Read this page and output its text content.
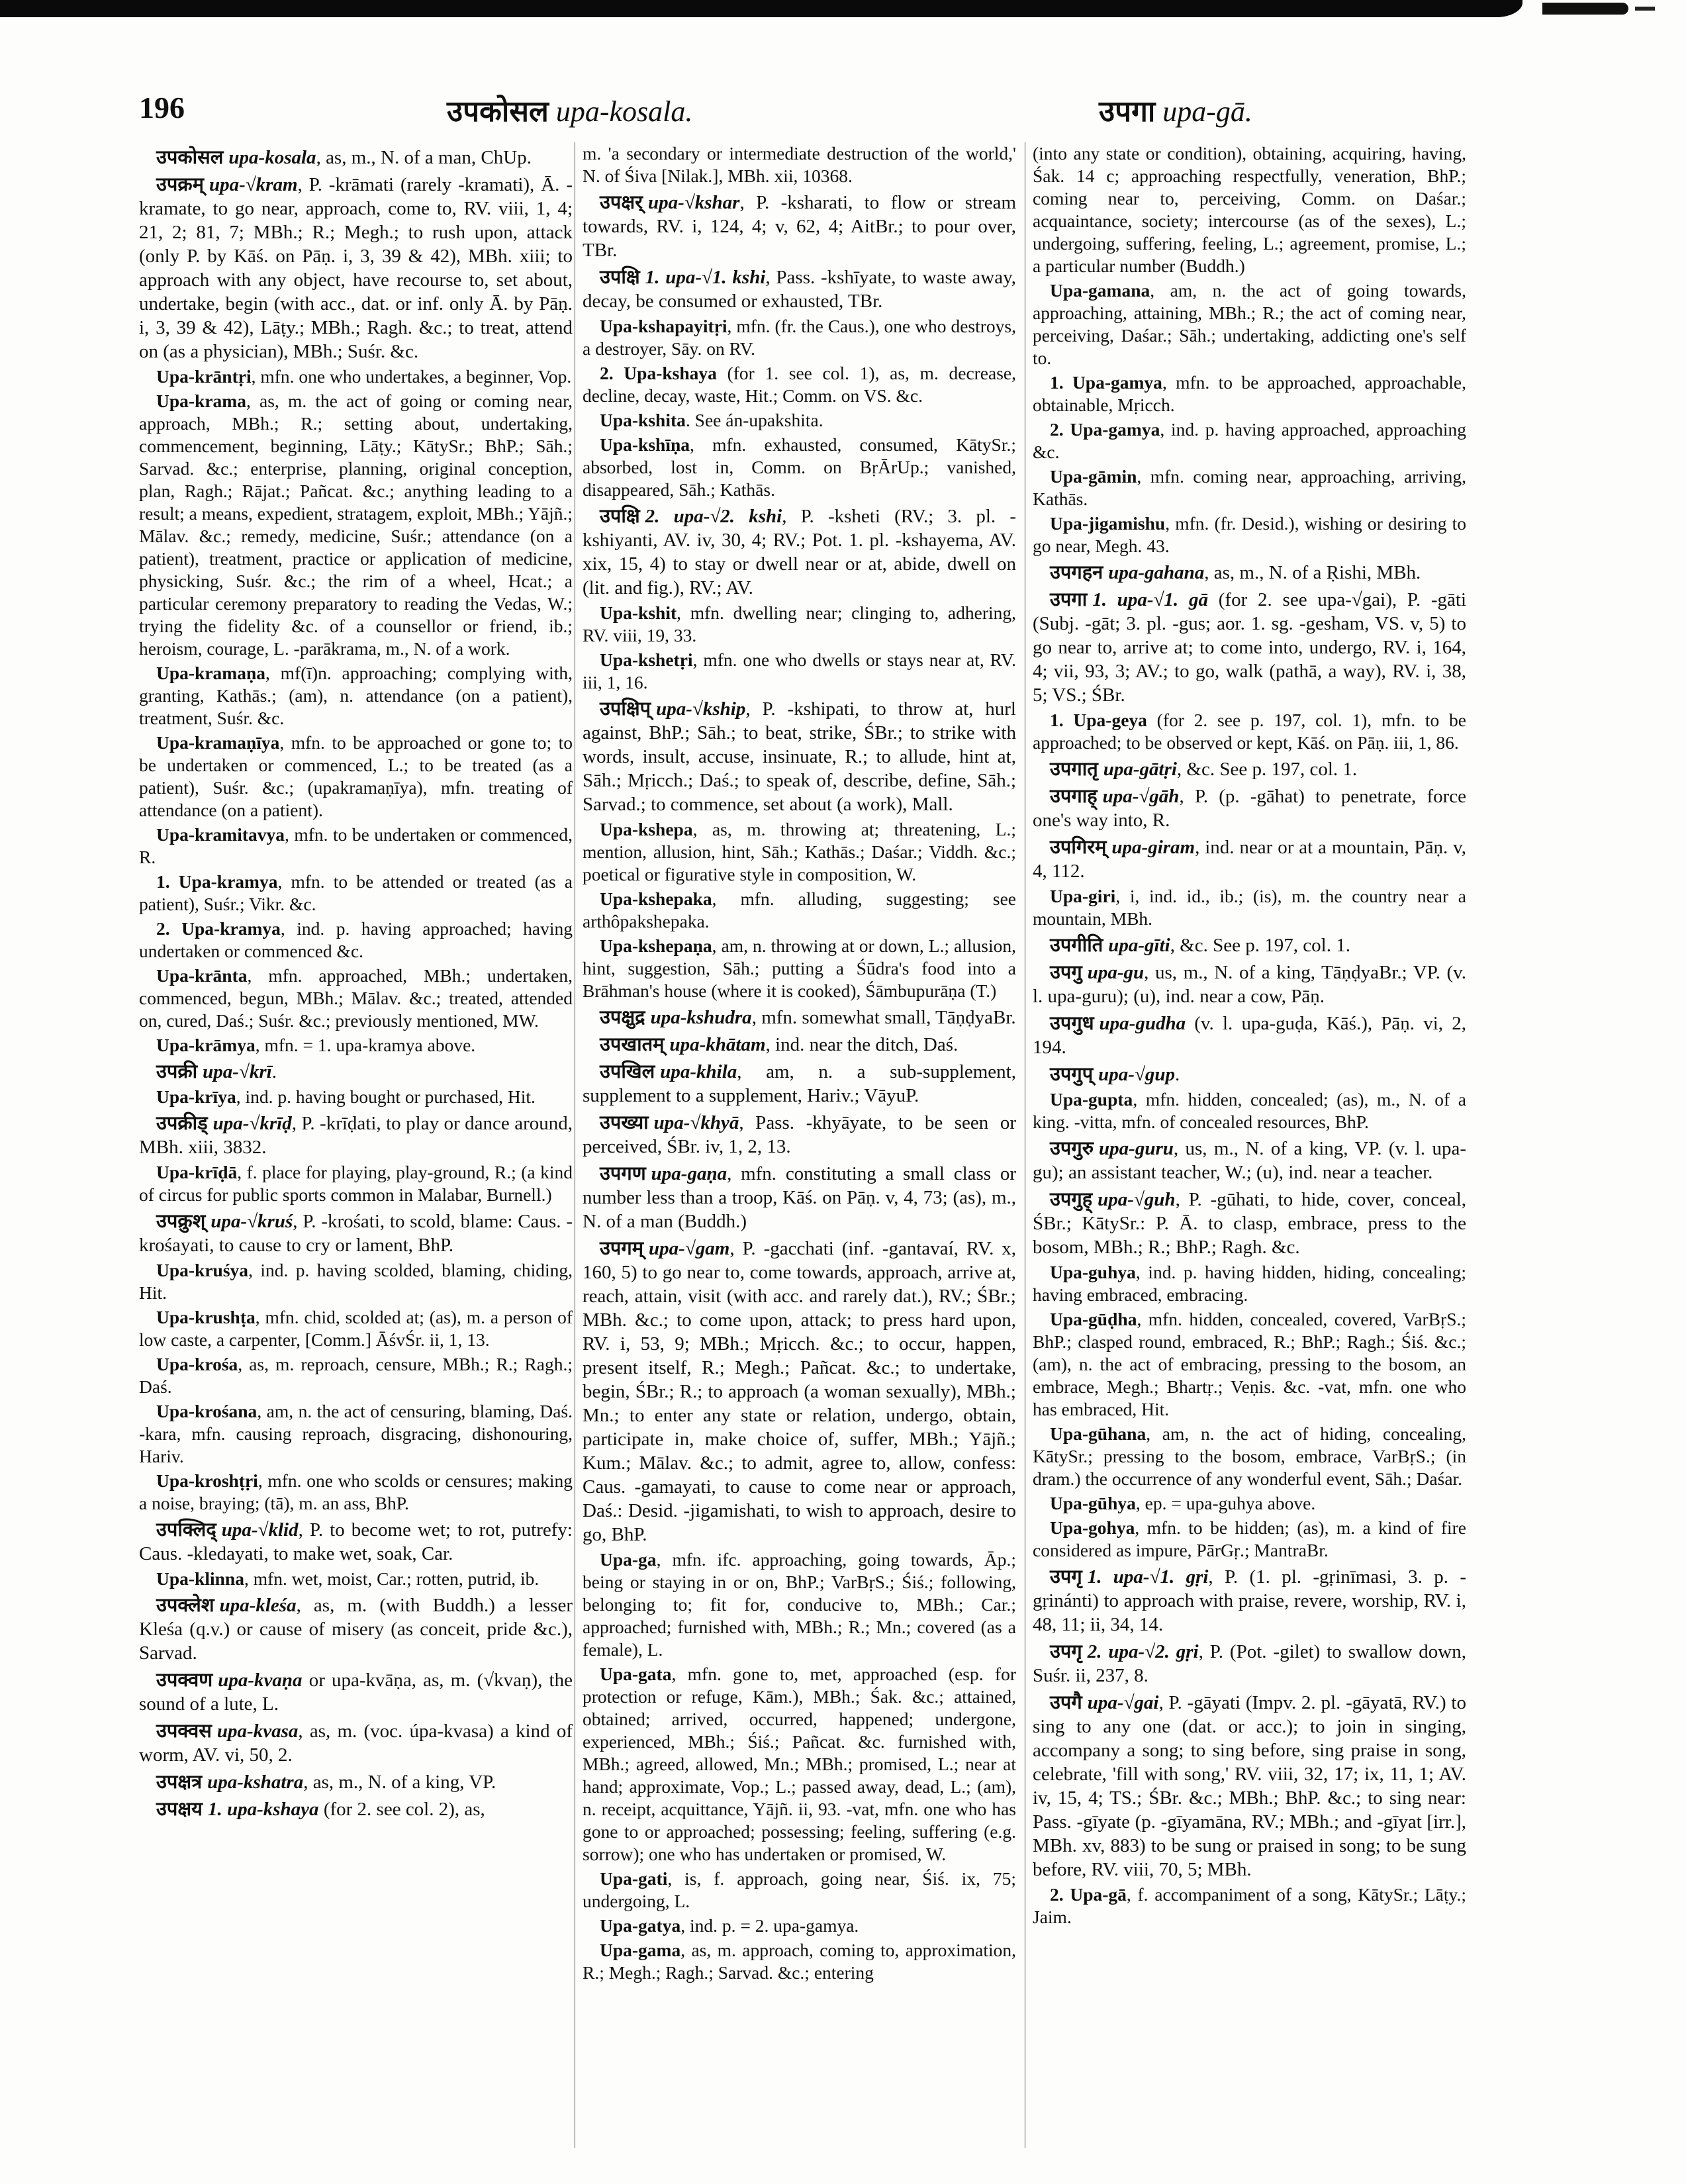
196	उपकोसल upa-kosala.	उपगा upa-gā.

उपकोसल upa-kosala, as, m., N. of a man, ChUp.

उपक्रम् upa-√kram, P. -krāmati (rarely -kramati), Ā. -kramate, to go near, approach, come to, RV. viii, 1, 4; 21, 2; 81, 7; MBh.; R.; Megh.; to rush upon, attack (only P. by Kāś. on Pāṇ. i, 3, 39 & 42), MBh. xiii; to approach with any object, have recourse to, set about, undertake, begin (with acc., dat. or inf. only Ā. by Pāṇ. i, 3, 39 & 42), Lāṭy.; MBh.; Ragh. &c.; to treat, attend on (as a physician), MBh.; Suśr. &c.

Upa-krāntṛi, mfn. one who undertakes, a beginner, Vop.

Upa-krama, as, m. the act of going or coming near, approach, MBh.; R.; setting about, undertaking, commencement, beginning, Lāṭy.; KātySr.; BhP.; Sāh.; Sarvad. &c.; enterprise, planning, original conception, plan, Ragh.; Rājat.; Pañcat. &c.; anything leading to a result; a means, expedient, stratagem, exploit, MBh.; Yājñ.; Mālav. &c.; remedy, medicine, Suśr.; attendance (on a patient), treatment, practice or application of medicine, physicking, Suśr. &c.; the rim of a wheel, Hcat.; a particular ceremony preparatory to reading the Vedas, W.; trying the fidelity &c. of a counsellor or friend, ib.; heroism, courage, L. -parākrama, m., N. of a work.

Upa-kramaṇa, mf(ī)n. approaching; complying with, granting, Kathās.; (am), n. attendance (on a patient), treatment, Suśr. &c.

Upa-kramaṇīya, mfn. to be approached or gone to; to be undertaken or commenced, L.; to be treated (as a patient), Suśr. &c.; (upakramaṇīya), mfn. treating of attendance (on a patient).

Upa-kramitavya, mfn. to be undertaken or commenced, R.

1. Upa-kramya, mfn. to be attended or treated (as a patient), Suśr.; Vikr. &c.

2. Upa-kramya, ind. p. having approached; having undertaken or commenced &c.

Upa-krānta, mfn. approached, MBh.; undertaken, commenced, begun, MBh.; Mālav. &c.; treated, attended on, cured, Daś.; Suśr. &c.; previously mentioned, MW.

Upa-krāmya, mfn. = 1. upa-kramya above.

उपक्री upa-√krī.

Upa-krīya, ind. p. having bought or purchased, Hit.

उपक्रीड् upa-√krīḍ, P. -krīḍati, to play or dance around, MBh. xiii, 3832.

Upa-krīḍā, f. place for playing, play-ground, R.; (a kind of circus for public sports common in Malabar, Burnell.)

उपक्रुश् upa-√kruś, P. -krośati, to scold, blame: Caus. -krośayati, to cause to cry or lament, BhP.

Upa-kruśya, ind. p. having scolded, blaming, chiding, Hit.

Upa-krushṭa, mfn. chid, scolded at; (as), m. a person of low caste, a carpenter, [Comm.] ĀśvŚr. ii, 1, 13.

Upa-krośa, as, m. reproach, censure, MBh.; R.; Ragh.; Daś.

Upa-krośana, am, n. the act of censuring, blaming, Daś. -kara, mfn. causing reproach, disgracing, dishonouring, Hariv.

Upa-kroshṭṛi, mfn. one who scolds or censures; making a noise, braying; (tā), m. an ass, BhP.

उपक्लिद् upa-√klid, P. to become wet; to rot, putrefy: Caus. -kledayati, to make wet, soak, Car.

Upa-klinna, mfn. wet, moist, Car.; rotten, putrid, ib.

उपक्लेश upa-kleśa, as, m. (with Buddh.) a lesser Kleśa (q.v.) or cause of misery (as conceit, pride &c.), Sarvad.

उपक्वण upa-kvaṇa or upa-kvāṇa, as, m. (√kvaṇ), the sound of a lute, L.

उपक्वस upa-kvasa, as, m. (voc. úpa-kvasa) a kind of worm, AV. vi, 50, 2.

उपक्षत्र upa-kshatra, as, m., N. of a king, VP.

उपक्षय 1. upa-kshaya (for 2. see col. 2), as,

m. 'a secondary or intermediate destruction of the world,' N. of Śiva [Nilak.], MBh. xii, 10368.

उपक्षर् upa-√kshar, P. -ksharati, to flow or stream towards, RV. i, 124, 4; v, 62, 4; AitBr.; to pour over, TBr.

उपक्षि 1. upa-√1. kshi, Pass. -kshīyate, to waste away, decay, be consumed or exhausted, TBr.

Upa-kshapayitṛi, mfn. (fr. the Caus.), one who destroys, a destroyer, Sāy. on RV.

2. Upa-kshaya (for 1. see col. 1), as, m. decrease, decline, decay, waste, Hit.; Comm. on VS. &c.

Upa-kshita. See án-upakshita.

Upa-kshīṇa, mfn. exhausted, consumed, KātySr.; absorbed, lost in, Comm. on BṛĀrUp.; vanished, disappeared, Sāh.; Kathās.

उपक्षि 2. upa-√2. kshi, P. -ksheti (RV.; 3. pl. -kshiyanti, AV. iv, 30, 4; RV.; Pot. 1. pl. -kshayema, AV. xix, 15, 4) to stay or dwell near or at, abide, dwell on (lit. and fig.), RV.; AV.

Upa-kshit, mfn. dwelling near; clinging to, adhering, RV. viii, 19, 33.

Upa-kshetṛi, mfn. one who dwells or stays near at, RV. iii, 1, 16.

उपक्षिप् upa-√kship, P. -kshipati, to throw at, hurl against, BhP.; Sāh.; to beat, strike, ŚBr.; to strike with words, insult, accuse, insinuate, R.; to allude, hint at, Sāh.; Mṛicch.; Daś.; to speak of, describe, define, Sāh.; Sarvad.; to commence, set about (a work), Mall.

Upa-kshepa, as, m. throwing at; threatening, L.; mention, allusion, hint, Sāh.; Kathās.; Daśar.; Viddh. &c.; poetical or figurative style in composition, W.

Upa-kshepaka, mfn. alluding, suggesting; see arthôpakshepaka.

Upa-kshepaṇa, am, n. throwing at or down, L.; allusion, hint, suggestion, Sāh.; putting a Śūdra's food into a Brāhman's house (where it is cooked), Śāmbupurāṇa (T.)

उपक्षुद्र upa-kshudra, mfn. somewhat small, TāṇḍyaBr.

उपखातम् upa-khātam, ind. near the ditch, Daś.

उपखिल upa-khila, am, n. a sub-supplement, supplement to a supplement, Hariv.; VāyuP.

उपख्या upa-√khyā, Pass. -khyāyate, to be seen or perceived, ŚBr. iv, 1, 2, 13.

उपगण upa-gaṇa, mfn. constituting a small class or number less than a troop, Kāś. on Pāṇ. v, 4, 73; (as), m., N. of a man (Buddh.)

उपगम् upa-√gam, P. -gacchati (inf. -gantavaí, RV. x, 160, 5) to go near to, come towards, approach, arrive at, reach, attain, visit (with acc. and rarely dat.), RV.; ŚBr.; MBh. &c.; to come upon, attack; to press hard upon, RV. i, 53, 9; MBh.; Mṛicch. &c.; to occur, happen, present itself, R.; Megh.; Pañcat. &c.; to undertake, begin, ŚBr.; R.; to approach (a woman sexually), MBh.; Mn.; to enter any state or relation, undergo, obtain, participate in, make choice of, suffer, MBh.; Yājñ.; Kum.; Mālav. &c.; to admit, agree to, allow, confess: Caus. -gamayati, to cause to come near or approach, Daś.: Desid. -jigamishati, to wish to approach, desire to go, BhP.

Upa-ga, mfn. ifc. approaching, going towards, Āp.; being or staying in or on, BhP.; VarBṛS.; Śiś.; following, belonging to; fit for, conducive to, MBh.; Car.; approached; furnished with, MBh.; R.; Mn.; covered (as a female), L.

Upa-gata, mfn. gone to, met, approached (esp. for protection or refuge, Kām.), MBh.; Śak. &c.; attained, obtained; arrived, occurred, happened; undergone, experienced, MBh.; Śiś.; Pañcat. &c. furnished with, MBh.; agreed, allowed, Mn.; MBh.; promised, L.; near at hand; approximate, Vop.; L.; passed away, dead, L.; (am), n. receipt, acquittance, Yājñ. ii, 93. -vat, mfn. one who has gone to or approached; possessing; feeling, suffering (e.g. sorrow); one who has undertaken or promised, W.

Upa-gati, is, f. approach, going near, Śiś. ix, 75; undergoing, L.

Upa-gatya, ind. p. = 2. upa-gamya.

Upa-gama, as, m. approach, coming to, approximation, R.; Megh.; Ragh.; Sarvad. &c.; entering

(into any state or condition), obtaining, acquiring, having, Śak. 14 c; approaching respectfully, veneration, BhP.; coming near to, perceiving, Comm. on Daśar.; acquaintance, society; intercourse (as of the sexes), L.; undergoing, suffering, feeling, L.; agreement, promise, L.; a particular number (Buddh.)

Upa-gamana, am, n. the act of going towards, approaching, attaining, MBh.; R.; the act of coming near, perceiving, Daśar.; Sāh.; undertaking, addicting one's self to.

1. Upa-gamya, mfn. to be approached, approachable, obtainable, Mṛicch.

2. Upa-gamya, ind. p. having approached, approaching &c.

Upa-gāmin, mfn. coming near, approaching, arriving, Kathās.

Upa-jigamishu, mfn. (fr. Desid.), wishing or desiring to go near, Megh. 43.

उपगहन upa-gahana, as, m., N. of a Ṛishi, MBh.

उपगा 1. upa-√1. gā (for 2. see upa-√gai), P. -gāti (Subj. -gāt; 3. pl. -gus; aor. 1. sg. -gesham, VS. v, 5) to go near to, arrive at; to come into, undergo, RV. i, 164, 4; vii, 93, 3; AV.; to go, walk (pathā, a way), RV. i, 38, 5; VS.; ŚBr.

1. Upa-geya (for 2. see p. 197, col. 1), mfn. to be approached; to be observed or kept, Kāś. on Pāṇ. iii, 1, 86.

उपगातृ upa-gātṛi, &c. See p. 197, col. 1.

उपगाह् upa-√gāh, P. (p. -gāhat) to penetrate, force one's way into, R.

उपगिरम् upa-giram, ind. near or at a mountain, Pāṇ. v, 4, 112.

Upa-giri, i, ind. id., ib.; (is), m. the country near a mountain, MBh.

उपगीति upa-gīti, &c. See p. 197, col. 1.

उपगु upa-gu, us, m., N. of a king, TāṇḍyaBr.; VP. (v. l. upa-guru); (u), ind. near a cow, Pāṇ.

उपगुध upa-gudha (v. l. upa-guḍa, Kāś.), Pāṇ. vi, 2, 194.

उपगुप् upa-√gup.

Upa-gupta, mfn. hidden, concealed; (as), m., N. of a king. -vitta, mfn. of concealed resources, BhP.

उपगुरु upa-guru, us, m., N. of a king, VP. (v. l. upa-gu); an assistant teacher, W.; (u), ind. near a teacher.

उपगुह् upa-√guh, P. -gūhati, to hide, cover, conceal, ŚBr.; KātySr.: P. Ā. to clasp, embrace, press to the bosom, MBh.; R.; BhP.; Ragh. &c.

Upa-guhya, ind. p. having hidden, hiding, concealing; having embraced, embracing.

Upa-gūḍha, mfn. hidden, concealed, covered, VarBṛS.; BhP.; clasped round, embraced, R.; BhP.; Ragh.; Śiś. &c.; (am), n. the act of embracing, pressing to the bosom, an embrace, Megh.; Bhartṛ.; Veṇis. &c. -vat, mfn. one who has embraced, Hit.

Upa-gūhana, am, n. the act of hiding, concealing, KātySr.; pressing to the bosom, embrace, VarBṛS.; (in dram.) the occurrence of any wonderful event, Sāh.; Daśar.

Upa-gūhya, ep. = upa-guhya above.

Upa-gohya, mfn. to be hidden; (as), m. a kind of fire considered as impure, PārGṛ.; MantraBr.

उपगृ 1. upa-√1. gṛi, P. (1. pl. -gṛinīmasi, 3. p. -gṛinánti) to approach with praise, revere, worship, RV. i, 48, 11; ii, 34, 14.

उपगृ 2. upa-√2. gṛi, P. (Pot. -gilet) to swallow down, Suśr. ii, 237, 8.

उपगै upa-√gai, P. -gāyati (Impv. 2. pl. -gāyatā, RV.) to sing to any one (dat. or acc.); to join in singing, accompany a song; to sing before, sing praise in song, celebrate, 'fill with song,' RV. viii, 32, 17; ix, 11, 1; AV. iv, 15, 4; TS.; ŚBr. &c.; MBh.; BhP. &c.; to sing near: Pass. -gīyate (p. -gīyamāna, RV.; MBh.; and -gīyat [irr.], MBh. xv, 883) to be sung or praised in song; to be sung before, RV. viii, 70, 5; MBh.

2. Upa-gā, f. accompaniment of a song, KātySr.; Lāṭy.; Jaim.
